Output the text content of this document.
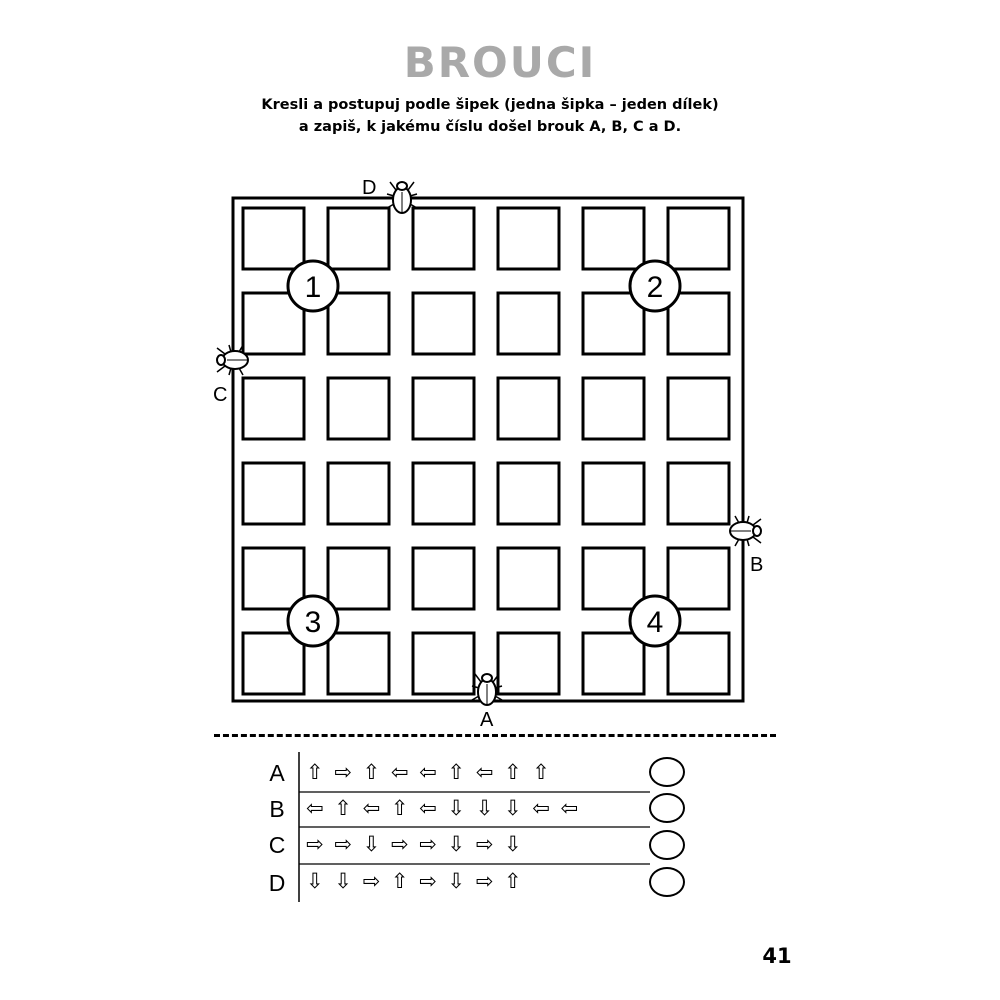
BROUCI
Kresli a postupuj podle šipek (jedna šipka – jeden dílek)
a zapiš, k jakému číslu došel brouk A, B, C a D.
1	2
3	4
D
C
B
A
A
B
C
D
⇧ ⇨ ⇧ ⇦ ⇦ ⇧ ⇦ ⇧ ⇧
⇦ ⇧ ⇦ ⇧ ⇦ ⇩ ⇩ ⇩ ⇦ ⇦
⇨ ⇨ ⇩ ⇨ ⇨ ⇩ ⇨ ⇩
⇩ ⇩ ⇨ ⇧ ⇨ ⇩ ⇨ ⇧
41
